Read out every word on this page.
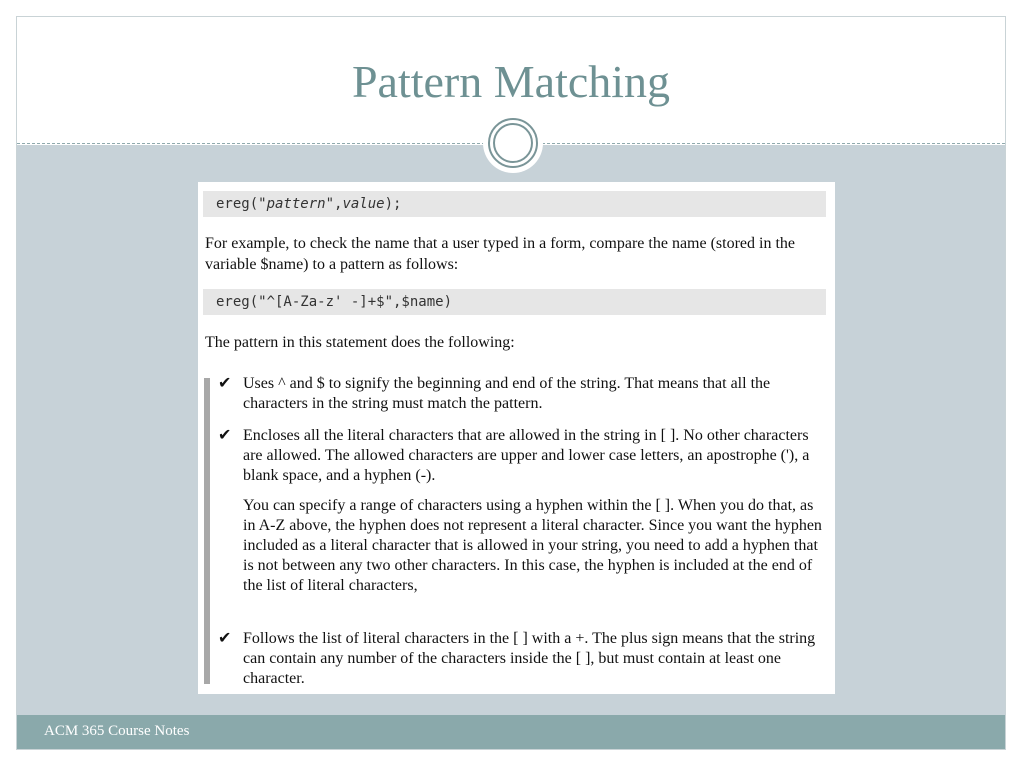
Pattern Matching
ereg("pattern",value);
For example, to check the name that a user typed in a form, compare the name (stored in the variable $name) to a pattern as follows:
ereg("^[A-Za-z' -]+$",$name)
The pattern in this statement does the following:
✔ Uses ^ and $ to signify the beginning and end of the string. That means that all the characters in the string must match the pattern.
✔ Encloses all the literal characters that are allowed in the string in [ ]. No other characters are allowed. The allowed characters are upper and lower case letters, an apostrophe ('), a blank space, and a hyphen (-).
You can specify a range of characters using a hyphen within the [ ]. When you do that, as in A-Z above, the hyphen does not represent a literal character. Since you want the hyphen included as a literal character that is allowed in your string, you need to add a hyphen that is not between any two other characters. In this case, the hyphen is included at the end of the list of literal characters,
✔ Follows the list of literal characters in the [ ] with a +. The plus sign means that the string can contain any number of the characters inside the [ ], but must contain at least one character.
ACM 365 Course Notes
